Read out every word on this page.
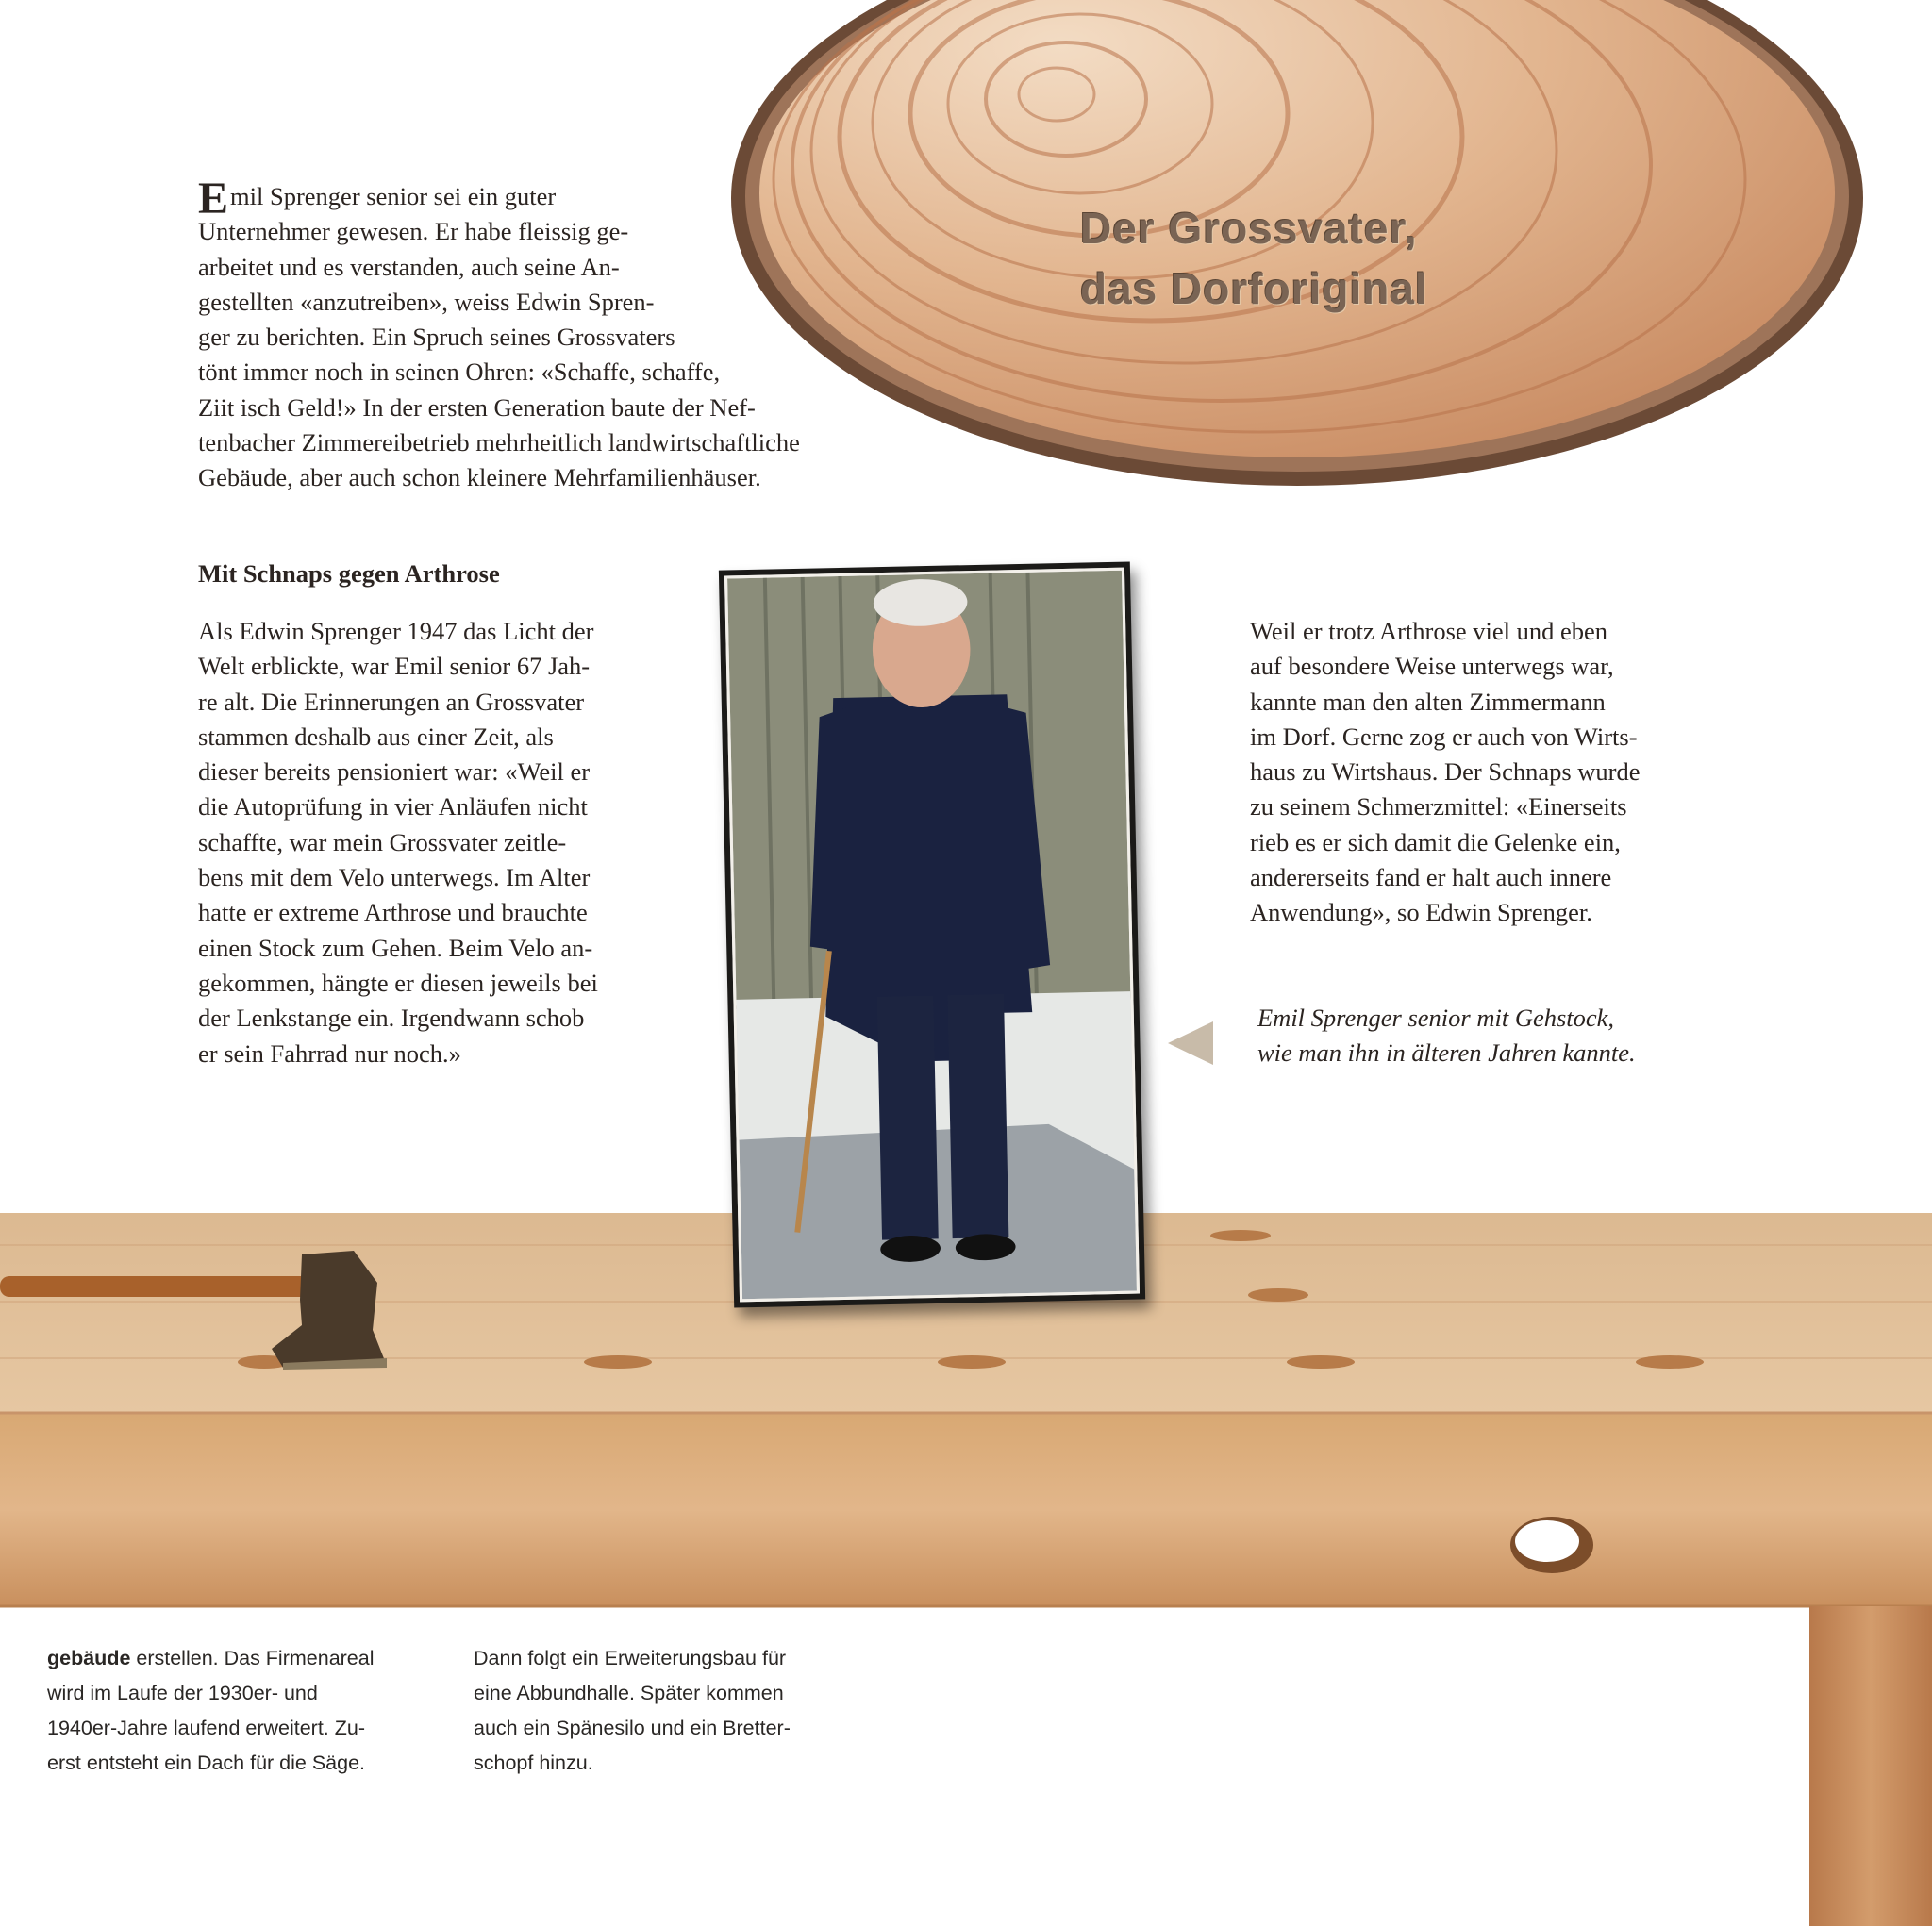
Der Grossvater,
das Dorforiginal
E mil Sprenger senior sei ein guter
Unternehmer gewesen. Er habe fleissig ge-
arbeitet und es verstanden, auch seine An-
gestellten «anzutreiben», weiss Edwin Spren-
ger zu berichten. Ein Spruch seines Grossvaters
tönt immer noch in seinen Ohren: «Schaffe, schaffe,
Ziit isch Geld!» In der ersten Generation baute der Nef-
tenbacher Zimmereibetrieb mehrheitlich landwirtschaftliche
Gebäude, aber auch schon kleinere Mehrfamilienhäuser.
Mit Schnaps gegen Arthrose
Als Edwin Sprenger 1947 das Licht der
Welt erblickte, war Emil senior 67 Jah-
re alt. Die Erinnerungen an Grossvater
stammen deshalb aus einer Zeit, als
dieser bereits pensioniert war: «Weil er
die Autoprüfung in vier Anläufen nicht
schaffte, war mein Grossvater zeitle-
bens mit dem Velo unterwegs. Im Alter
hatte er extreme Arthrose und brauchte
einen Stock zum Gehen. Beim Velo an-
gekommen, hängte er diesen jeweils bei
der Lenkstange ein. Irgendwann schob
er sein Fahrrad nur noch.»
Weil er trotz Arthrose viel und eben
auf besondere Weise unterwegs war,
kannte man den alten Zimmermann
im Dorf. Gerne zog er auch von Wirts-
haus zu Wirtshaus. Der Schnaps wurde
zu seinem Schmerzmittel: «Einerseits
rieb es er sich damit die Gelenke ein,
andererseits fand er halt auch innere
Anwendung», so Edwin Sprenger.
Emil Sprenger senior mit Gehstock,
wie man ihn in älteren Jahren kannte.
gebäude erstellen. Das Firmenareal
wird im Laufe der 1930er- und
1940er-Jahre laufend erweitert. Zu-
erst entsteht ein Dach für die Säge.
Dann folgt ein Erweiterungsbau für
eine Abbundhalle. Später kommen
auch ein Spänesilo und ein Bretter-
schopf hinzu.
